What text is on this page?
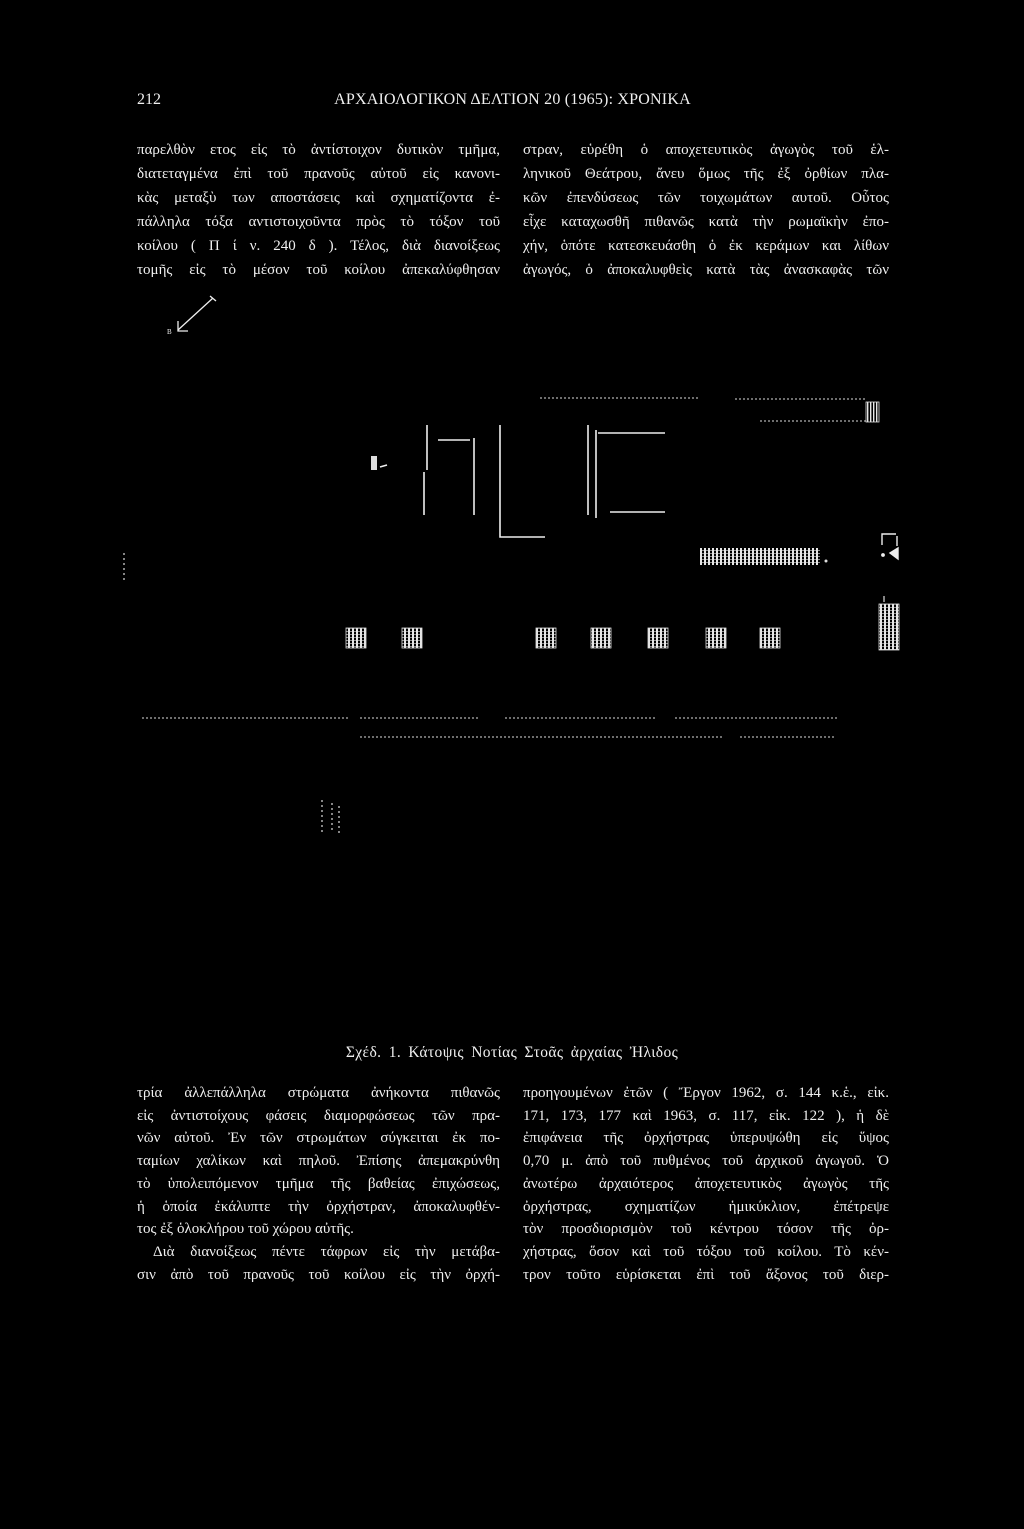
212	ΑΡΧΑΙΟΛΟΓΙΚΟΝ ΔΕΛΤΙΟΝ 20 (1965): ΧΡΟΝΙΚΑ
παρελθὸν ετος εἰς τὸ ἀντίστοιχον δυτικὸν τμῆμα,
διατεταγμένα ἐπὶ τοῦ πρανοῦς αὐτοῦ εἰς κανονι-
κὰς μεταξὺ των αποστάσεις καὶ σχηματίζοντα ἐ-
πάλληλα τόξα αντιστοιχοῦντα πρὸς τὸ τόξον τοῦ
κοίλου ( Π ί ν. 240 δ ). Τέλος, διὰ διανοίξεως
τομῆς εἰς τὸ μέσον τοῦ κοίλου ἀπεκαλύφθησαν
στραν, εὑρέθη ὁ αποχετευτικὸς ἀγωγὸς τοῦ ἑλ-
ληνικοῦ Θεάτρου, ἄνευ ὅμως τῆς ἐξ ὀρθίων πλα-
κῶν ἐπενδύσεως τῶν τοιχωμάτων αυτοῦ. Οὗτος
εἶχε καταχωσθῆ πιθανῶς κατὰ τὴν ρωμαϊκὴν ἐπο-
χήν, ὁπότε κατεσκευάσθη ὁ ἐκ κεράμων και λίθων
ἀγωγός, ὁ ἀποκαλυφθεὶς κατὰ τὰς ἀνασκαφὰς τῶν
Β
Σχέδ. 1. Κάτοψις Νοτίας Στοᾶς ἀρχαίας Ἠλιδος
τρία ἀλλεπάλληλα στρώματα ἀνήκοντα πιθανῶς
εἰς ἀντιστοίχους φάσεις διαμορφώσεως τῶν πρα-
νῶν αὐτοῦ. Ἐν τῶν στρωμάτων σύγκειται ἐκ πο-
ταμίων χαλίκων καὶ πηλοῦ. Ἐπίσης ἀπεμακρύνθη
τὸ ὑπολειπόμενον τμῆμα τῆς βαθείας ἐπιχώσεως,
ἡ ὁποία ἐκάλυπτε τὴν ὀρχήστραν, ἀποκαλυφθέν-
τος ἐξ ὁλοκλήρου τοῦ χώρου αὐτῆς.
Διὰ διανοίξεως πέντε τάφρων εἰς τὴν μετάβα-
σιν ἀπὸ τοῦ πρανοῦς τοῦ κοίλου εἰς τὴν ὀρχή-
προηγουμένων ἐτῶν ( Ἔργον 1962, σ. 144 κ.ἑ., εἰκ.
171, 173, 177 καὶ 1963, σ. 117, εἰκ. 122 ), ἡ δὲ
ἐπιφάνεια τῆς ὀρχήστρας ὑπερυψώθη εἰς ὕψος
0,70 μ. ἀπὸ τοῦ πυθμένος τοῦ ἀρχικοῦ ἀγωγοῦ. Ὁ
ἀνωτέρω ἀρχαιότερος ἀποχετευτικὸς ἀγωγὸς τῆς
ὀρχήστρας, σχηματίζων ἡμικύκλιον, ἐπέτρεψε
τὸν προσδιορισμὸν τοῦ κέντρου τόσον τῆς ὀρ-
χήστρας, ὅσον καὶ τοῦ τόξου τοῦ κοίλου. Τὸ κέν-
τρον τοῦτο εὑρίσκεται ἐπὶ τοῦ ἄξονος τοῦ διερ-
